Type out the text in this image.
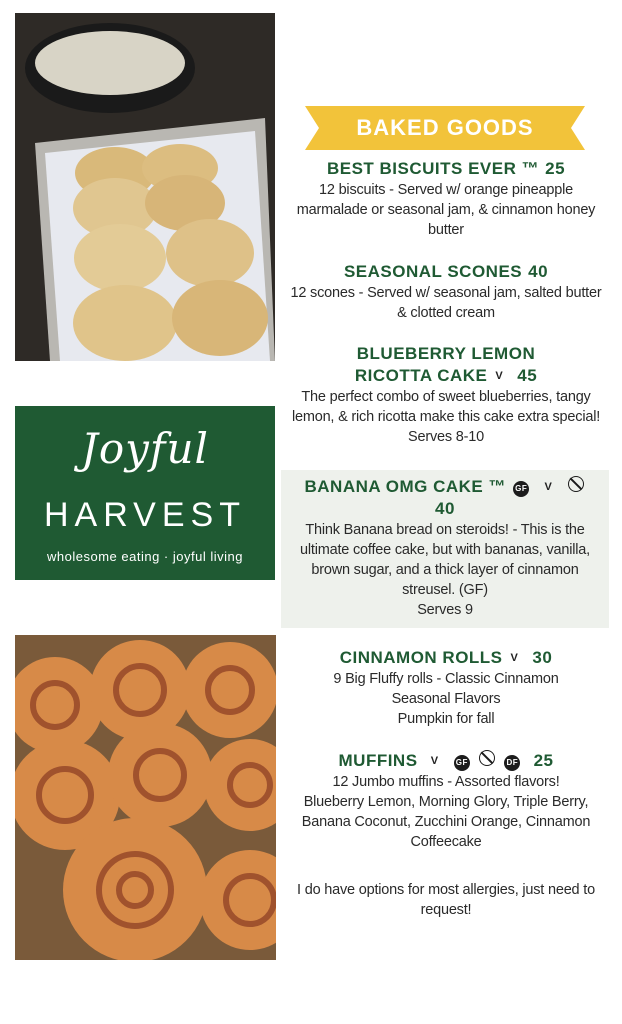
Joyful
HARVEST
wholesome eating · joyful living
BAKED GOODS
BEST BISCUITS EVER ™ 25
12 biscuits - Served w/ orange pineapple
marmalade or seasonal jam, & cinnamon honey
butter
SEASONAL SCONES 40
12 scones - Served w/ seasonal jam, salted butter
& clotted cream
BLUEBERRY LEMON
RICOTTA CAKE V 45
The perfect combo of sweet blueberries, tangy
lemon, & rich ricotta make this cake extra special!
Serves 8-10
BANANA OMG CAKE ™ GF V
40
Think Banana bread on steroids! - This is the
ultimate coffee cake, but with bananas, vanilla,
brown sugar, and a thick layer of cinnamon
streusel. (GF)
Serves 9
CINNAMON ROLLS V 30
9 Big Fluffy rolls - Classic Cinnamon
Seasonal Flavors
Pumpkin for fall
MUFFINS V GF	DF 25
12 Jumbo muffins - Assorted flavors!
Blueberry Lemon, Morning Glory, Triple Berry,
Banana Coconut, Zucchini Orange, Cinnamon
Coffeecake
I do have options for most allergies, just need to
request!
